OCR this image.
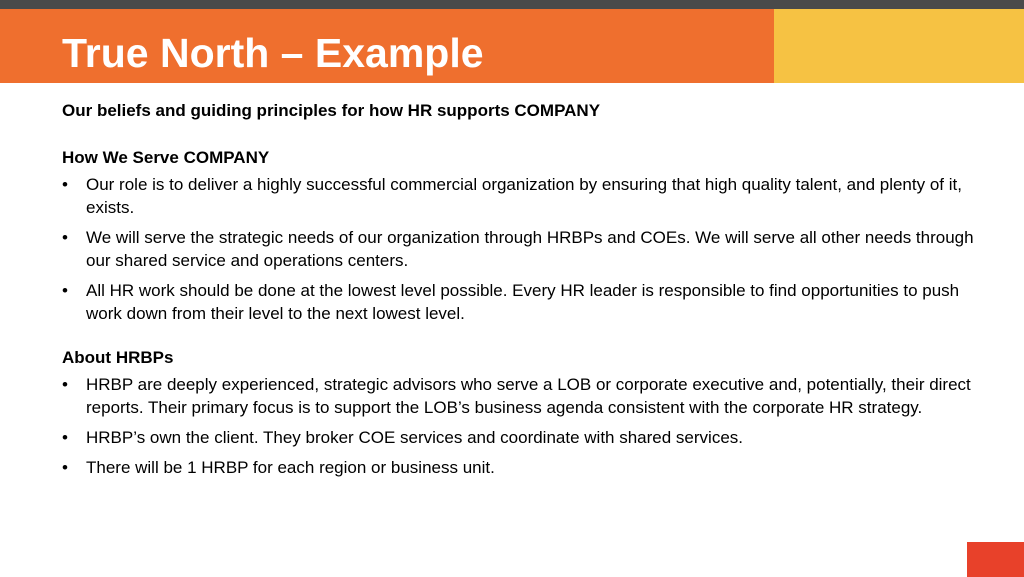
True North – Example

Our beliefs and guiding principles for how HR supports COMPANY

How We Serve COMPANY

• Our role is to deliver a highly successful commercial organization by ensuring that high quality talent, and plenty of it, exists.
• We will serve the strategic needs of our organization through HRBPs and COEs. We will serve all other needs through our shared service and operations centers.
• All HR work should be done at the lowest level possible. Every HR leader is responsible to find opportunities to push work down from their level to the next lowest level.

About HRBPs

• HRBP are deeply experienced, strategic advisors who serve a LOB or corporate executive and, potentially, their direct reports. Their primary focus is to support the LOB’s business agenda consistent with the corporate HR strategy.
• HRBP’s own the client. They broker COE services and coordinate with shared services.
• There will be 1 HRBP for each region or business unit.
